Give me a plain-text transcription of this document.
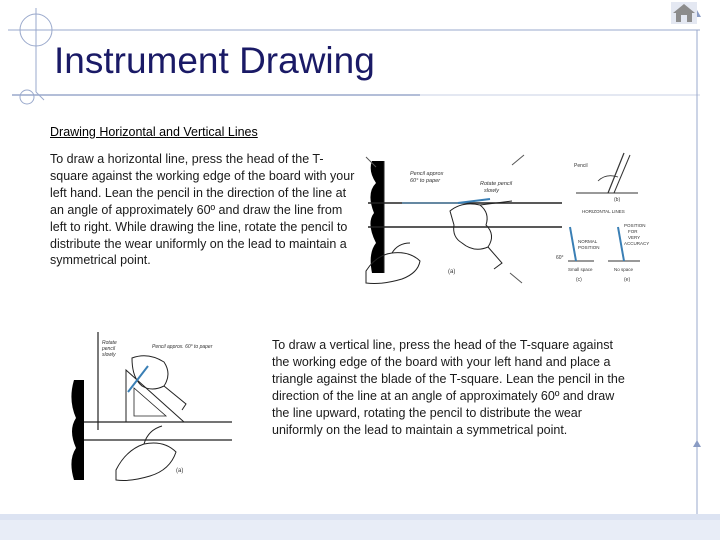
Instrument Drawing
Drawing Horizontal and Vertical Lines

To draw a horizontal line, press the head of the T-square against the working edge of the board with your left hand. Lean the pencil in the direction of the line at an angle of approximately 60º and draw the line from left to right. While drawing the line, rotate the pencil to distribute the wear uniformly on the lead to maintain a symmetrical point.

To draw a vertical line, press the head of the T-square against the working edge of the board with your left hand and place a triangle against the blade of the T-square. Lean the pencil in the direction of the line at an angle of approximately 60º and draw the line upward, rotating the pencil to distribute the wear uniformly on the lead to maintain a symmetrical point.

Pencil approx
60° to paper	Rotate pencil
slowly
(a)
Pencil
(b)
HORIZONTAL LINES
60°
NORMAL
POSITION
Small space
(c)
POSITION
FOR
VERY
ACCURACY
No space
(e)
Rotate
pencil
slowly
Pencil approx. 60° to paper
(a)
